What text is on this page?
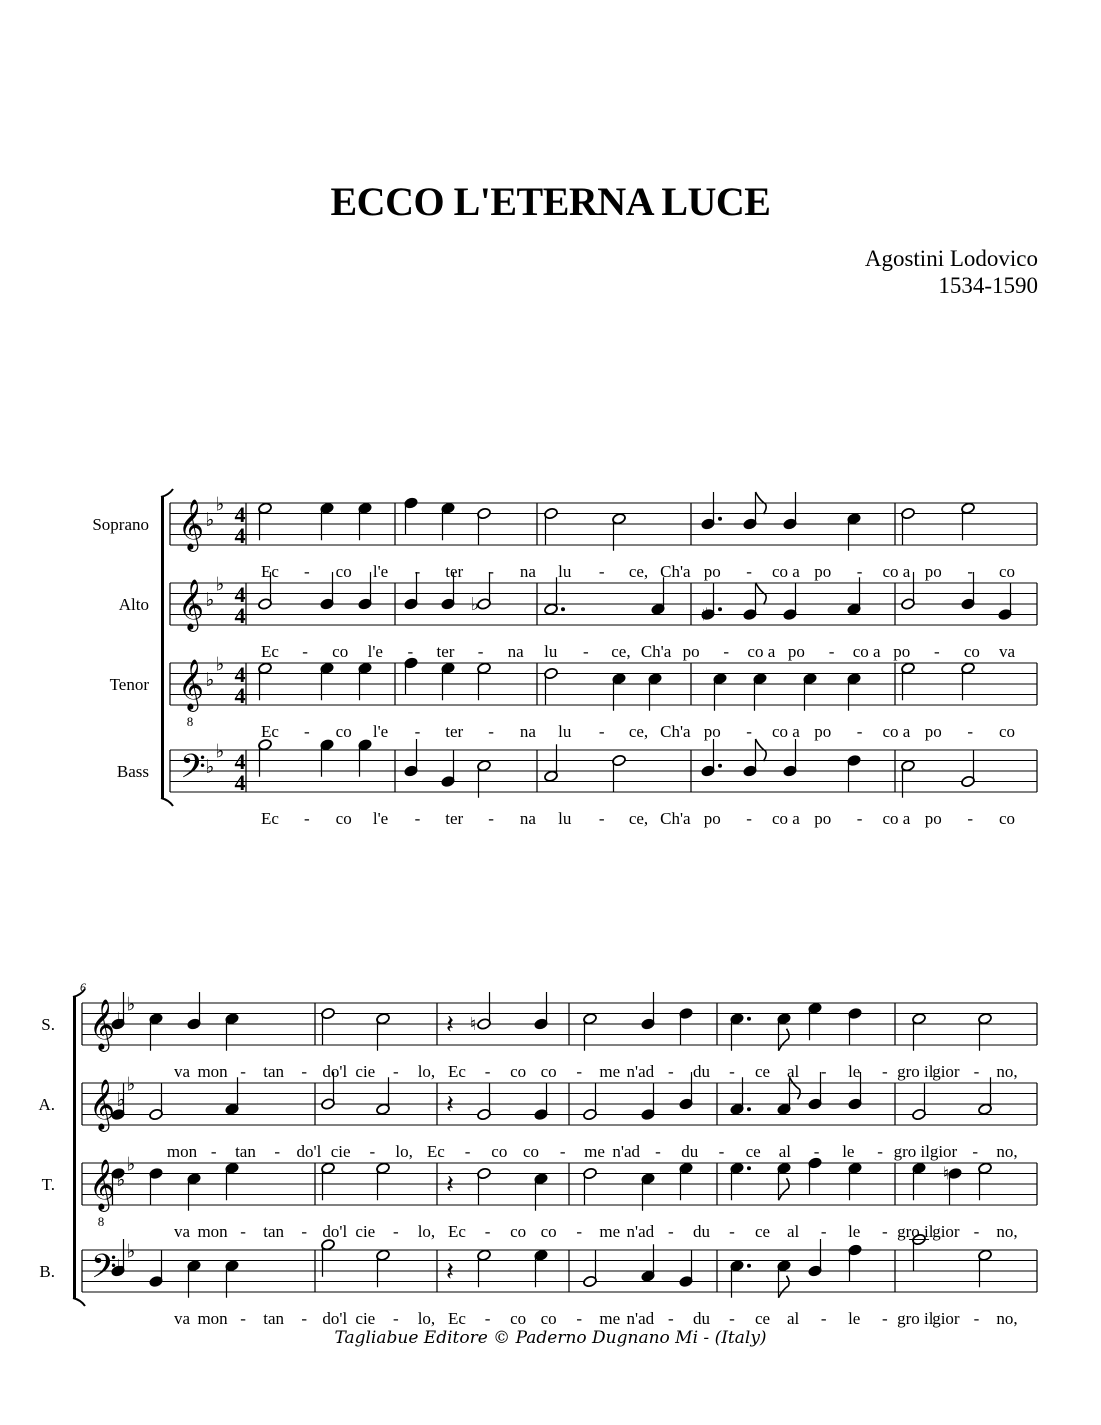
ECCO L'ETERNA LUCE
Agostini Lodovico
1534-1590
Soprano 𝄞 ♭
♭ 4
4
Ec - co l'e - ter - na lu - ce, Ch'a po - co a po - co a po - co
Alto 𝄞 ♭
♭ 4
4	♭	♯
Ec - co l'e - ter - na lu - ce, Ch'a po - co a po - co a po - co va
Tenor 𝄞
8
♭
♭ 4
4
Ec - co l'e - ter - na lu - ce, Ch'a po - co a po - co a po - co
Bass 𝄢 ♭
♭ 4
4
Ec - co l'e - ter - na lu - ce, Ch'a po - co a po - co a po - co
6
S. 𝄞 ♭
♭
𝄽 ♮
va mon - tan - do'l cie - lo, Ec - co co - me n'ad - du - ce al - le - gro il
gior - no,
A. 𝄞 ♭
♭
𝄽
mon - tan - do'l cie - lo, Ec - co co - me n'ad - du - ce al - le - gro il gior - no,
T. 𝄞
8
♭
♭
𝄽	♮
va mon - tan - do'l cie - lo, Ec - co co - me n'ad - du - ce al - le - gro il
gior - no,
B. 𝄢 ♭
♭
𝄽
va mon - tan - do'l cie - lo, Ec - co co - me n'ad - du - ce al - le - gro il
gior - no,
Tagliabue Editore © Paderno Dugnano Mi - (Italy)
